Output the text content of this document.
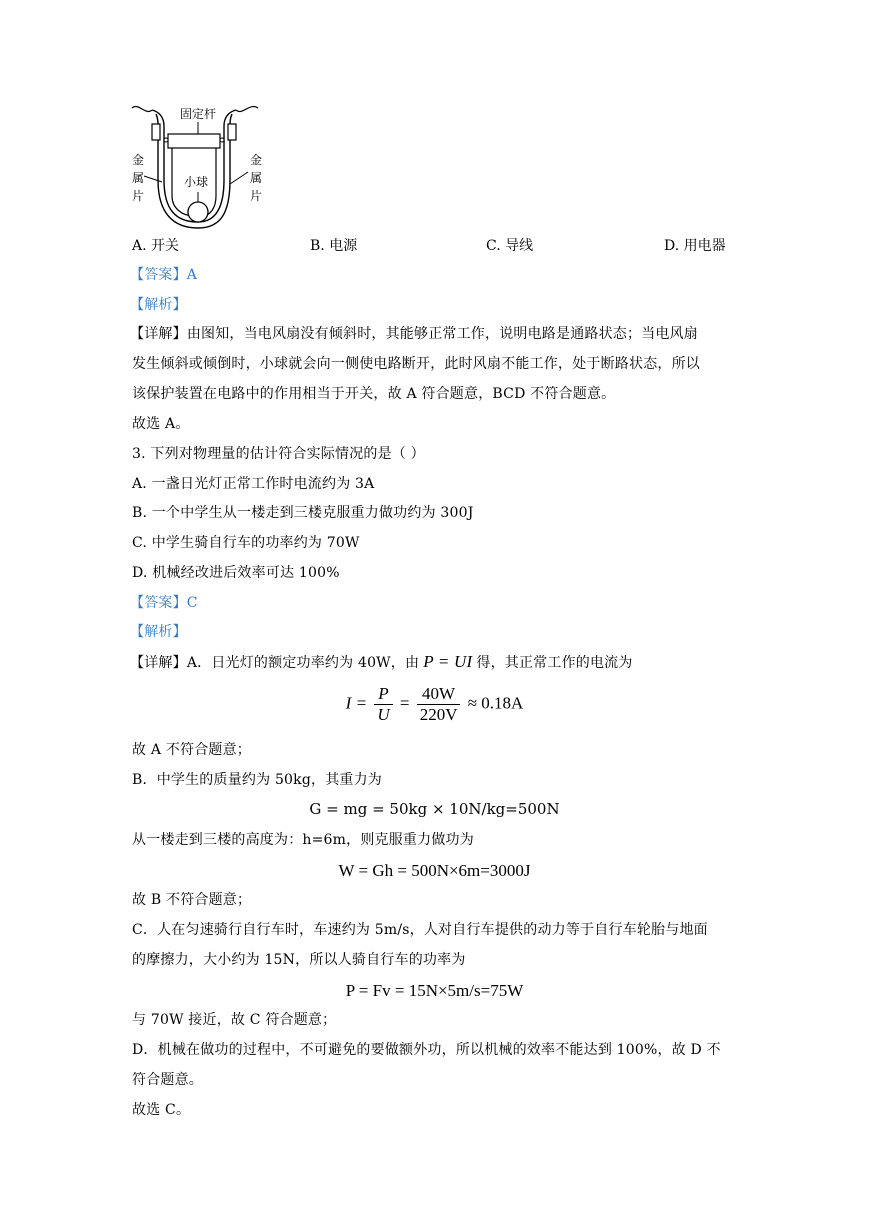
固定杆
小球
金
属
片
金
属
片
A. 开关	B. 电源	C. 导线	D. 用电器
【答案】A
【解析】
【详解】由图知，当电风扇没有倾斜时，其能够正常工作，说明电路是通路状态；当电风扇
发生倾斜或倾倒时，小球就会向一侧使电路断开，此时风扇不能工作，处于断路状态，所以
该保护装置在电路中的作用相当于开关，故 A 符合题意，BCD 不符合题意。
故选 A。
3. 下列对物理量的估计符合实际情况的是（ ）
A. 一盏日光灯正常工作时电流约为 3A
B. 一个中学生从一楼走到三楼克服重力做功约为 300J
C. 中学生骑自行车的功率约为 70W
D. 机械经改进后效率可达 100%
【答案】C
【解析】
【详解】A．日光灯的额定功率约为 40W，由 P = UI 得，其正常工作的电流为
$I = \frac{P}{U} = \frac{40W}{220V} \approx 0.18A$
故 A 不符合题意；
B．中学生的质量约为 50kg，其重力为
G = mg = 50kg × 10N/kg=500N
从一楼走到三楼的高度为：h=6m，则克服重力做功为
W = Gh = 500N×6m=3000J
故 B 不符合题意；
C．人在匀速骑行自行车时，车速约为 5m/s，人对自行车提供的动力等于自行车轮胎与地面
的摩擦力，大小约为 15N，所以人骑自行车的功率为
P = Fv = 15N×5m/s=75W
与 70W 接近，故 C 符合题意；
D．机械在做功的过程中，不可避免的要做额外功，所以机械的效率不能达到 100%，故 D 不
符合题意。
故选 C。
